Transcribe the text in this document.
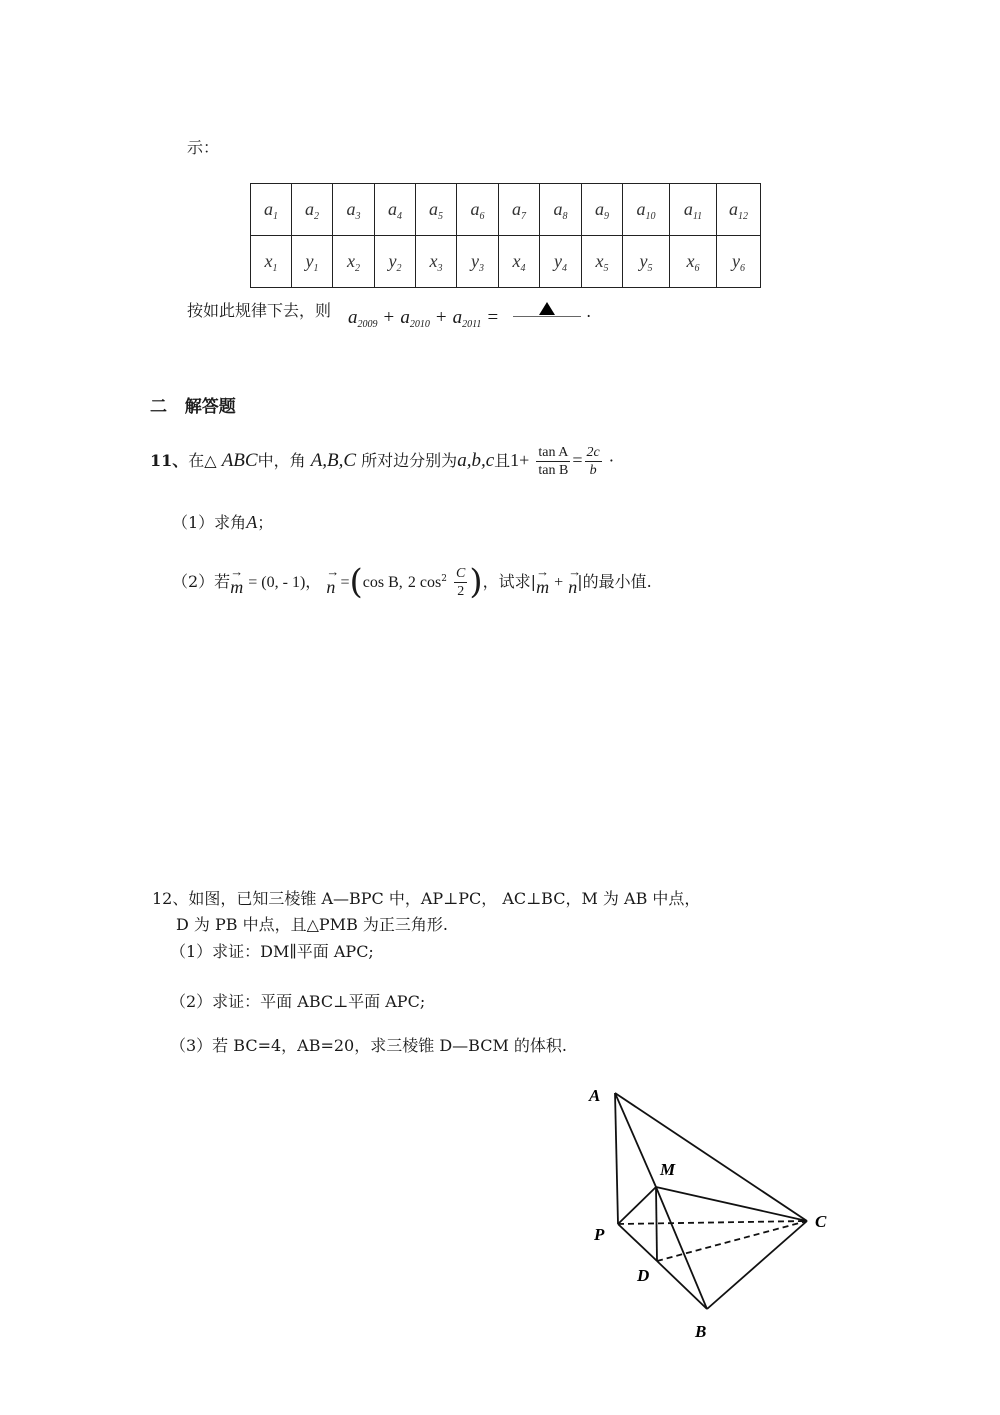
示：
$a_1$	$a_2$	$a_3$	$a_4$	$a_5$	$a_6$	$a_7$	$a_8$	$a_9$	$a_{10}$	$a_{11}$	$a_{12}$
$x_1$	$y_1$	$x_2$	$y_2$	$x_3$	$y_3$	$x_4$	$y_4$	$x_5$	$y_5$	$x_6$	$y_6$
按如此规律下去，则 $a_{2009} + a_{2010} + a_{2011}$ =	.
二 解答题
11、在△ ABC中，角 A,B,C 所对边分别为a,b,c且$1+ \frac{\text{tan A}}{\text{tan B}} = \frac{2c}{b}$ ·
（1）求角A；
（2）若→ m = (0, - 1)， → n =(cos B, 2 $\cos^2 \frac{C}{2}$ )，试求|→ m + → n|的最小值.
12、如图，已知三棱锥 A—BPC 中，AP⊥PC， AC⊥BC，M 为 AB 中点，
D 为 PB 中点，且△PMB 为正三角形.
（1）求证：DM∥平面 APC;
（2）求证：平面 ABC⊥平面 APC;
（3）若 BC=4，AB=20，求三棱锥 D—BCM 的体积.
A
M
P
C
D
B
